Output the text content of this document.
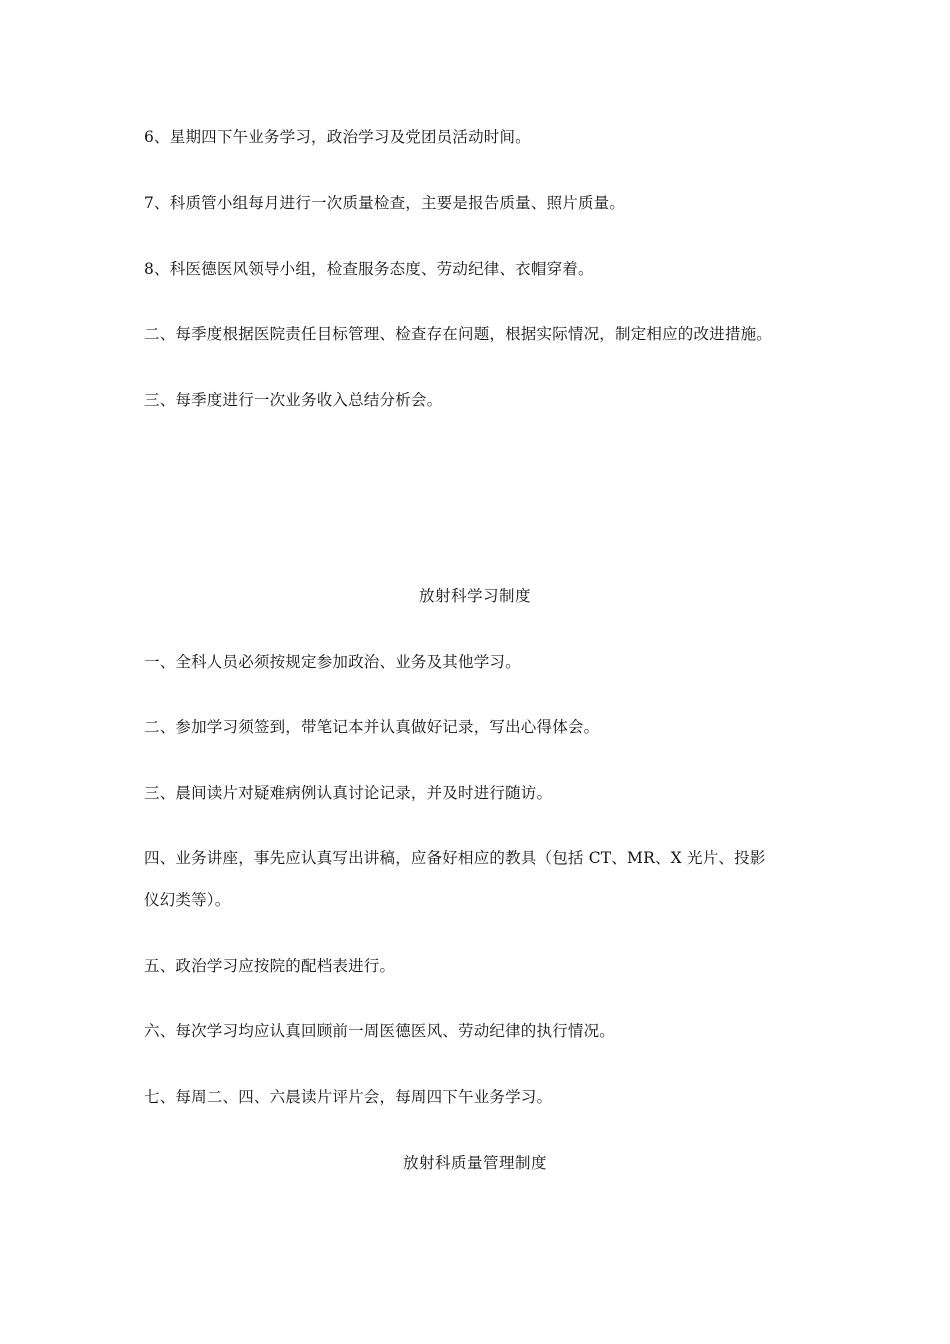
6、星期四下午业务学习，政治学习及党团员活动时间。
7、科质管小组每月进行一次质量检查，主要是报告质量、照片质量。
8、科医德医风领导小组，检查服务态度、劳动纪律、衣帽穿着。
二、每季度根据医院责任目标管理、检查存在问题，根据实际情况，制定相应的改进措施。
三、每季度进行一次业务收入总结分析会。
放射科学习制度
一、全科人员必须按规定参加政治、业务及其他学习。
二、参加学习须签到，带笔记本并认真做好记录，写出心得体会。
三、晨间读片对疑难病例认真讨论记录，并及时进行随访。
四、业务讲座，事先应认真写出讲稿，应备好相应的教具（包括 CT、MR、X 光片、投影
仪幻类等）。
五、政治学习应按院的配档表进行。
六、每次学习均应认真回顾前一周医德医风、劳动纪律的执行情况。
七、每周二、四、六晨读片评片会，每周四下午业务学习。
放射科质量管理制度
